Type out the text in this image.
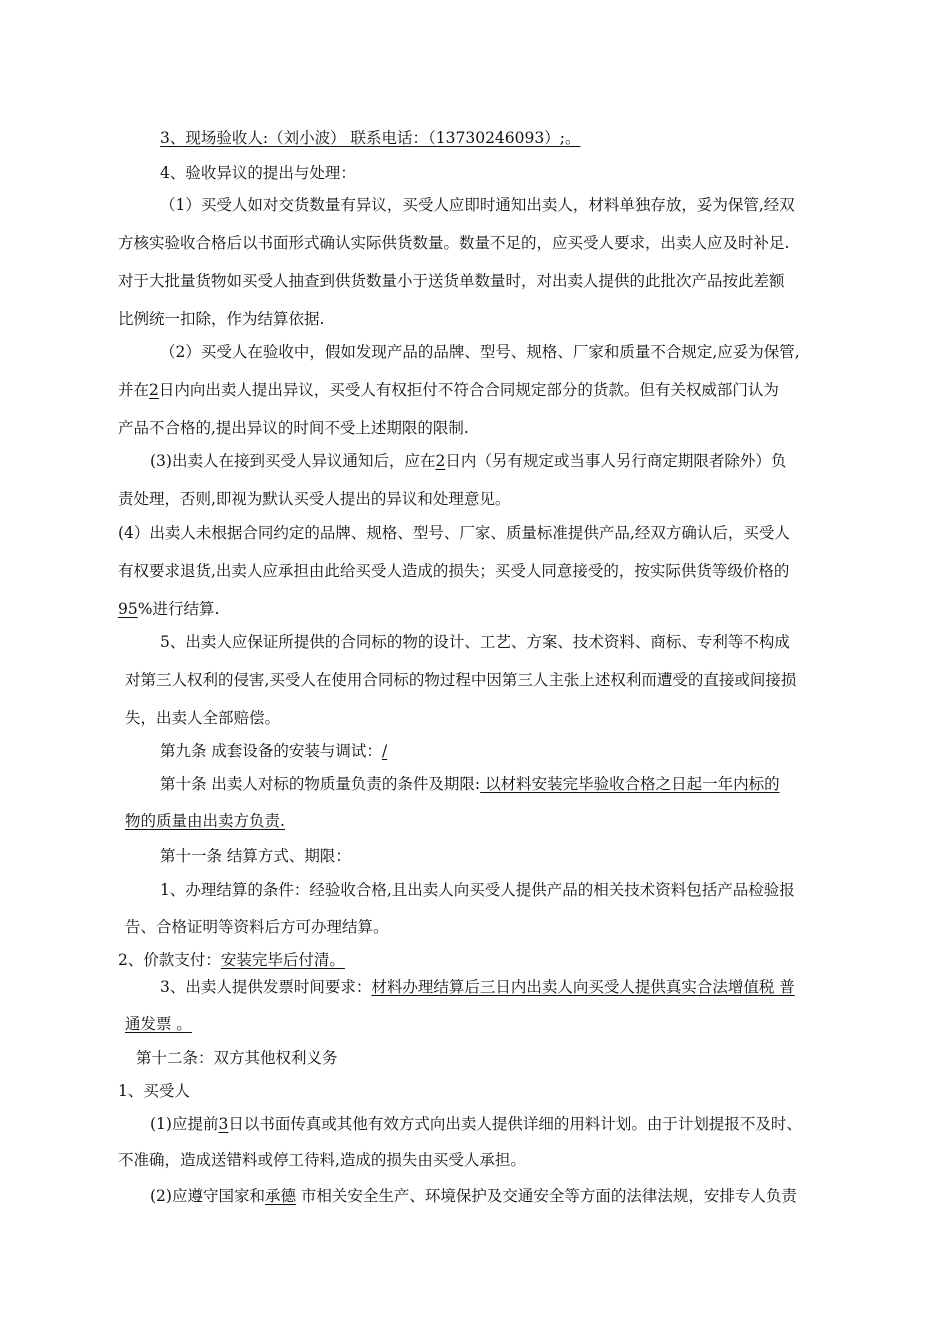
3、现场验收人:（刘小波） 联系电话：（13730246093）;。
4、验收异议的提出与处理：
（1）买受人如对交货数量有异议，买受人应即时通知出卖人，材料单独存放，妥为保管,经双
方核实验收合格后以书面形式确认实际供货数量。数量不足的，应买受人要求，出卖人应及时补足.
对于大批量货物如买受人抽查到供货数量小于送货单数量时，对出卖人提供的此批次产品按此差额
比例统一扣除，作为结算依据.
（2）买受人在验收中，假如发现产品的品牌、型号、规格、厂家和质量不合规定,应妥为保管,
并在2日内向出卖人提出异议，买受人有权拒付不符合合同规定部分的货款。但有关权威部门认为
产品不合格的,提出异议的时间不受上述期限的限制.
(3)出卖人在接到买受人异议通知后，应在2日内（另有规定或当事人另行商定期限者除外）负
责处理，否则,即视为默认买受人提出的异议和处理意见。
(4）出卖人未根据合同约定的品牌、规格、型号、厂家、质量标准提供产品,经双方确认后，买受人
有权要求退货,出卖人应承担由此给买受人造成的损失；买受人同意接受的，按实际供货等级价格的
95%进行结算.
5、出卖人应保证所提供的合同标的物的设计、工艺、方案、技术资料、商标、专利等不构成
对第三人权利的侵害,买受人在使用合同标的物过程中因第三人主张上述权利而遭受的直接或间接损
失，出卖人全部赔偿。
第九条 成套设备的安装与调试：/
第十条 出卖人对标的物质量负责的条件及期限: 以材料安装完毕验收合格之日起一年内标的
物的质量由出卖方负责.
第十一条 结算方式、期限：
1、办理结算的条件：经验收合格,且出卖人向买受人提供产品的相关技术资料包括产品检验报
告、合格证明等资料后方可办理结算。
2、价款支付：安装完毕后付清。
3、出卖人提供发票时间要求：材料办理结算后三日内出卖人向买受人提供真实合法增值税 普
通发票 。
第十二条：双方其他权利义务
1、买受人
(1)应提前3日以书面传真或其他有效方式向出卖人提供详细的用料计划。由于计划提报不及时、
不准确，造成送错料或停工待料,造成的损失由买受人承担。
(2)应遵守国家和承德 市相关安全生产、环境保护及交通安全等方面的法律法规，安排专人负责
